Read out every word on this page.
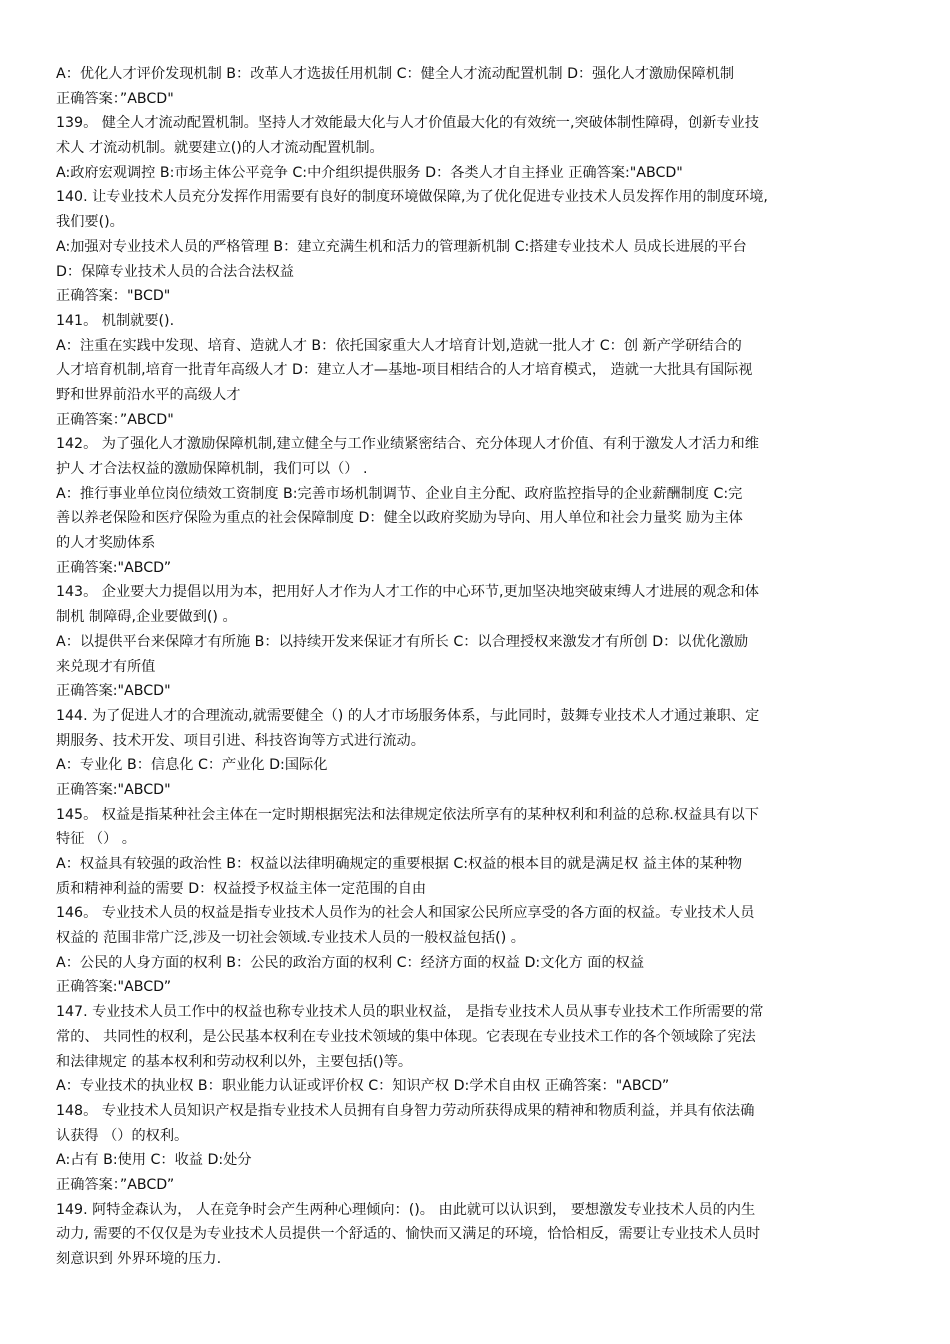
A：优化人才评价发现机制 B：改革人才选拔任用机制 C：健全人才流动配置机制 D：强化人才激励保障机制
正确答案：”ABCD"
139。 健全人才流动配置机制。坚持人才效能最大化与人才价值最大化的有效统一,突破体制性障碍，创新专业技
术人 才流动机制。就要建立()的人才流动配置机制。
A:政府宏观调控 B:市场主体公平竞争 C:中介组织提供服务 D：各类人才自主择业 正确答案:"ABCD"
140. 让专业技术人员充分发挥作用需要有良好的制度环境做保障,为了优化促进专业技术人员发挥作用的制度环境,
我们要()。
A:加强对专业技术人员的严格管理 B：建立充满生机和活力的管理新机制 C:搭建专业技术人 员成长进展的平台
D：保障专业技术人员的合法合法权益
正确答案："BCD"
141。 机制就要().
A：注重在实践中发现、培育、造就人才 B：依托国家重大人才培育计划,造就一批人才 C：创 新产学研结合的
人才培育机制,培育一批青年高级人才 D：建立人才—基地-项目相结合的人才培育模式， 造就一大批具有国际视
野和世界前沿水平的高级人才
正确答案：”ABCD"
142。 为了强化人才激励保障机制,建立健全与工作业绩紧密结合、充分体现人才价值、有利于激发人才活力和维
护人 才合法权益的激励保障机制，我们可以（） .
A：推行事业单位岗位绩效工资制度 B:完善市场机制调节、企业自主分配、政府监控指导的企业薪酬制度 C:完
善以养老保险和医疗保险为重点的社会保障制度 D：健全以政府奖励为导向、用人单位和社会力量奖 励为主体
的人才奖励体系
正确答案:"ABCD”
143。 企业要大力提倡以用为本，把用好人才作为人才工作的中心环节,更加坚决地突破束缚人才进展的观念和体
制机 制障碍,企业要做到() 。
A：以提供平台来保障才有所施 B：以持续开发来保证才有所长 C：以合理授权来激发才有所创 D：以优化激励
来兑现才有所值
正确答案:"ABCD"
144. 为了促进人才的合理流动,就需要健全（) 的人才市场服务体系，与此同时，鼓舞专业技术人才通过兼职、定
期服务、技术开发、项目引进、科技咨询等方式进行流动。
A：专业化 B：信息化 C：产业化 D:国际化
正确答案:"ABCD"
145。 权益是指某种社会主体在一定时期根据宪法和法律规定依法所享有的某种权利和利益的总称.权益具有以下
特征 （） 。
A：权益具有较强的政治性 B：权益以法律明确规定的重要根据 C:权益的根本目的就是满足权 益主体的某种物
质和精神利益的需要 D：权益授予权益主体一定范围的自由
146。 专业技术人员的权益是指专业技术人员作为的社会人和国家公民所应享受的各方面的权益。专业技术人员
权益的 范围非常广泛,涉及一切社会领域.专业技术人员的一般权益包括() 。
A：公民的人身方面的权利 B：公民的政治方面的权利 C：经济方面的权益 D:文化方 面的权益
正确答案:"ABCD”
147. 专业技术人员工作中的权益也称专业技术人员的职业权益， 是指专业技术人员从事专业技术工作所需要的常
常的、 共同性的权利，是公民基本权利在专业技术领域的集中体现。它表现在专业技术工作的各个领域除了宪法
和法律规定 的基本权利和劳动权利以外，主要包括()等。
A：专业技术的执业权 B：职业能力认证或评价权 C：知识产权 D:学术自由权 正确答案："ABCD”
148。 专业技术人员知识产权是指专业技术人员拥有自身智力劳动所获得成果的精神和物质利益，并具有依法确
认获得 （）的权利。
A:占有 B:使用 C：收益 D:处分
正确答案：”ABCD”
149. 阿特金森认为， 人在竞争时会产生两种心理倾向：()。 由此就可以认识到， 要想激发专业技术人员的内生
动力, 需要的不仅仅是为专业技术人员提供一个舒适的、愉快而又满足的环境，恰恰相反，需要让专业技术人员时
刻意识到 外界环境的压力.
